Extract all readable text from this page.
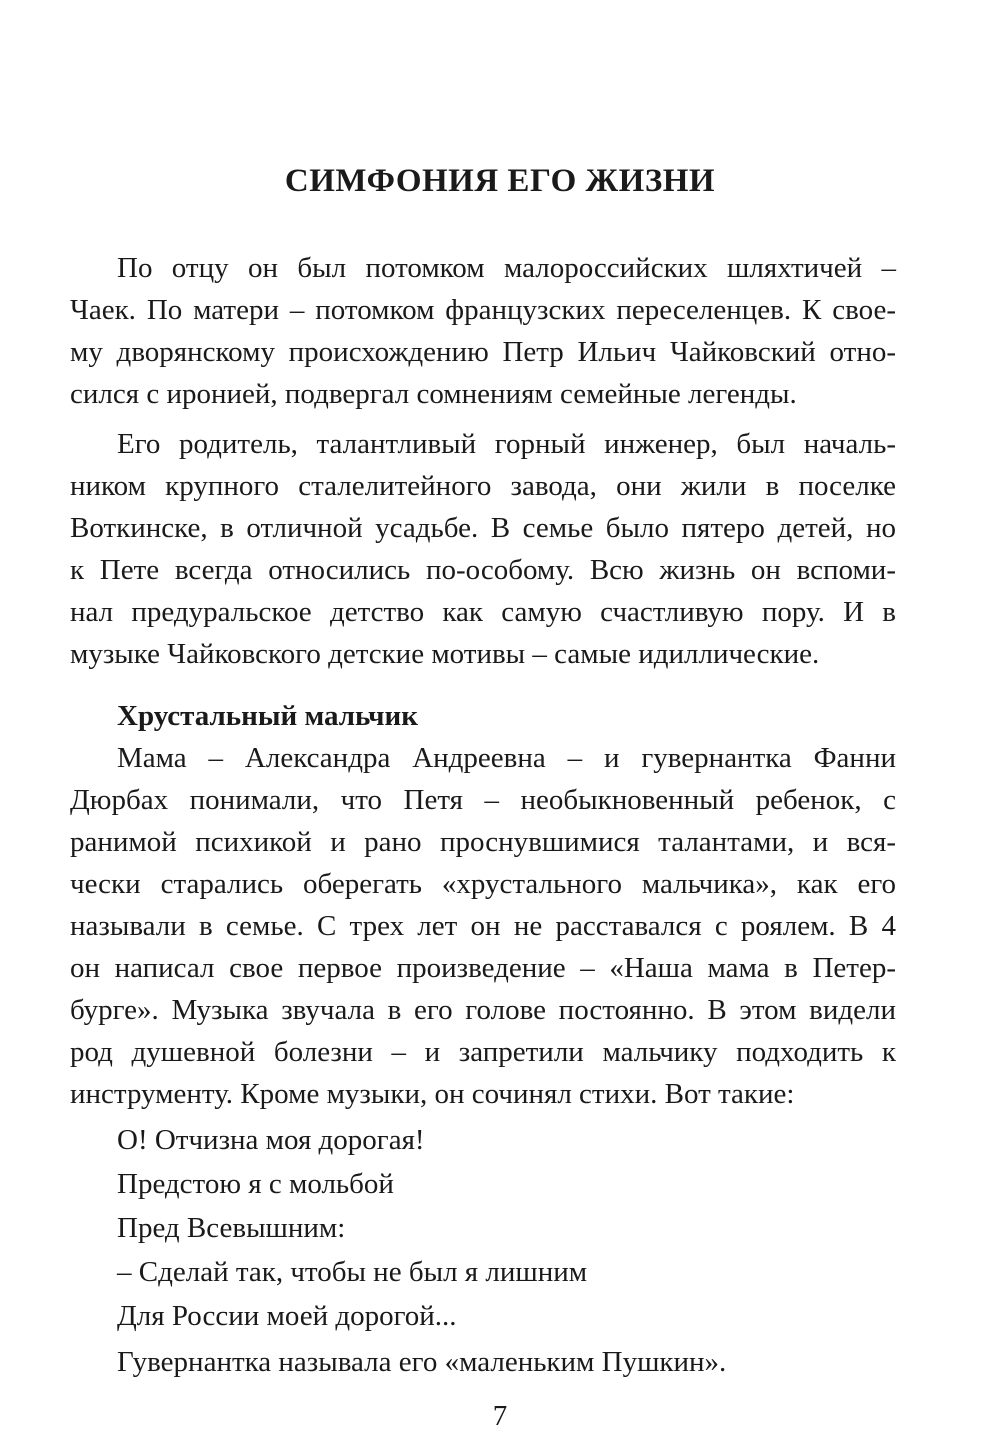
СИМФОНИЯ ЕГО ЖИЗНИ

По отцу он был потомком малороссийских шляхтичей –

Чаек. По матери – потомком французских переселенцев. К свое-

му дворянскому происхождению Петр Ильич Чайковский отно-

сился с иронией, подвергал сомнениям семейные легенды.

Его родитель, талантливый горный инженер, был началь-

ником крупного сталелитейного завода, они жили в поселке

Воткинске, в отличной усадьбе. В семье было пятеро детей, но

к Пете всегда относились по-особому. Всю жизнь он вспоми-

нал предуральское детство как самую счастливую пору. И в

музыке Чайковского детские мотивы – самые идиллические.

Хрустальный мальчик

Мама – Александра Андреевна – и гувернантка Фанни

Дюрбах понимали, что Петя – необыкновенный ребенок, с

ранимой психикой и рано проснувшимися талантами, и вся-

чески старались оберегать «хрустального мальчика», как его

называли в семье. С трех лет он не расставался с роялем. В 4

он написал свое первое произведение – «Наша мама в Петер-

бурге». Музыка звучала в его голове постоянно. В этом видели

род душевной болезни – и запретили мальчику подходить к

инструменту. Кроме музыки, он сочинял стихи. Вот такие:

О! Отчизна моя дорогая!

Предстою я с мольбой

Пред Всевышним:

– Сделай так, чтобы не был я лишним

Для России моей дорогой...

Гувернантка называла его «маленьким Пушкин».

7
